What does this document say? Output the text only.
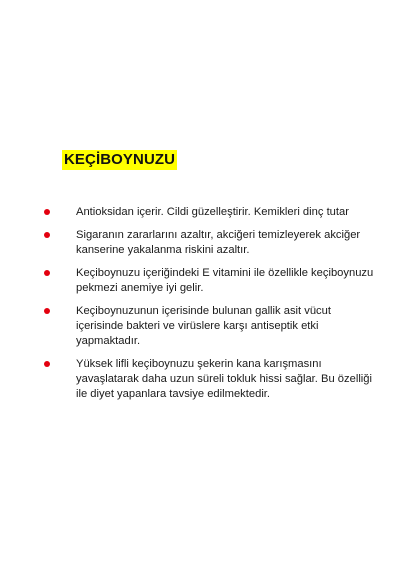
KEÇİBOYNUZU
Antioksidan içerir. Cildi güzelleştirir. Kemikleri dinç tutar
Sigaranın zararlarını azaltır, akciğeri temizleyerek akciğer kanserine yakalanma riskini azaltır.
Keçiboynuzu içeriğindeki E vitamini ile özellikle keçiboynuzu pekmezi anemiye iyi gelir.
Keçiboynuzunun içerisinde bulunan gallik asit vücut içerisinde bakteri ve virüslere karşı antiseptik etki yapmaktadır.
Yüksek lifli keçiboynuzu şekerin kana karışmasını yavaşlatarak daha uzun süreli tokluk hissi sağlar. Bu özelliği ile diyet yapanlara tavsiye edilmektedir.
